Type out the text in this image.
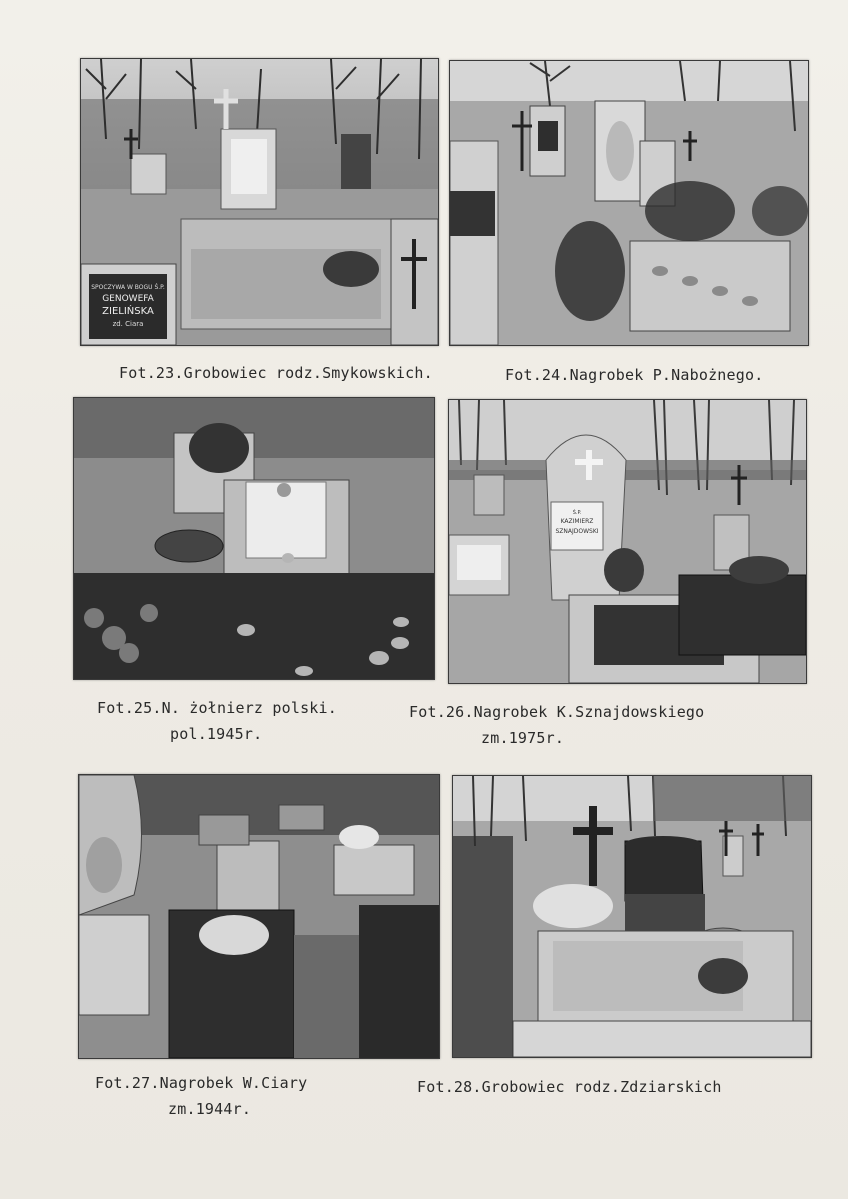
SPOCZYWA W BOGU Ś.P.
GENOWEFA
ZIELIŃSKA
zd. Ciara
Ś.P.
KAZIMIERZ
SZNAJDOWSKI
Fot.23.Grobowiec rodz.Smykowskich.	Fot.24.Nagrobek P.Nabożnego.
Fot.25.N. żołnierz polski.
pol.1945r.
Fot.26.Nagrobek K.Sznajdowskiego
zm.1975r.
Fot.27.Nagrobek W.Ciary
zm.1944r.
Fot.28.Grobowiec rodz.Zdziarskich
